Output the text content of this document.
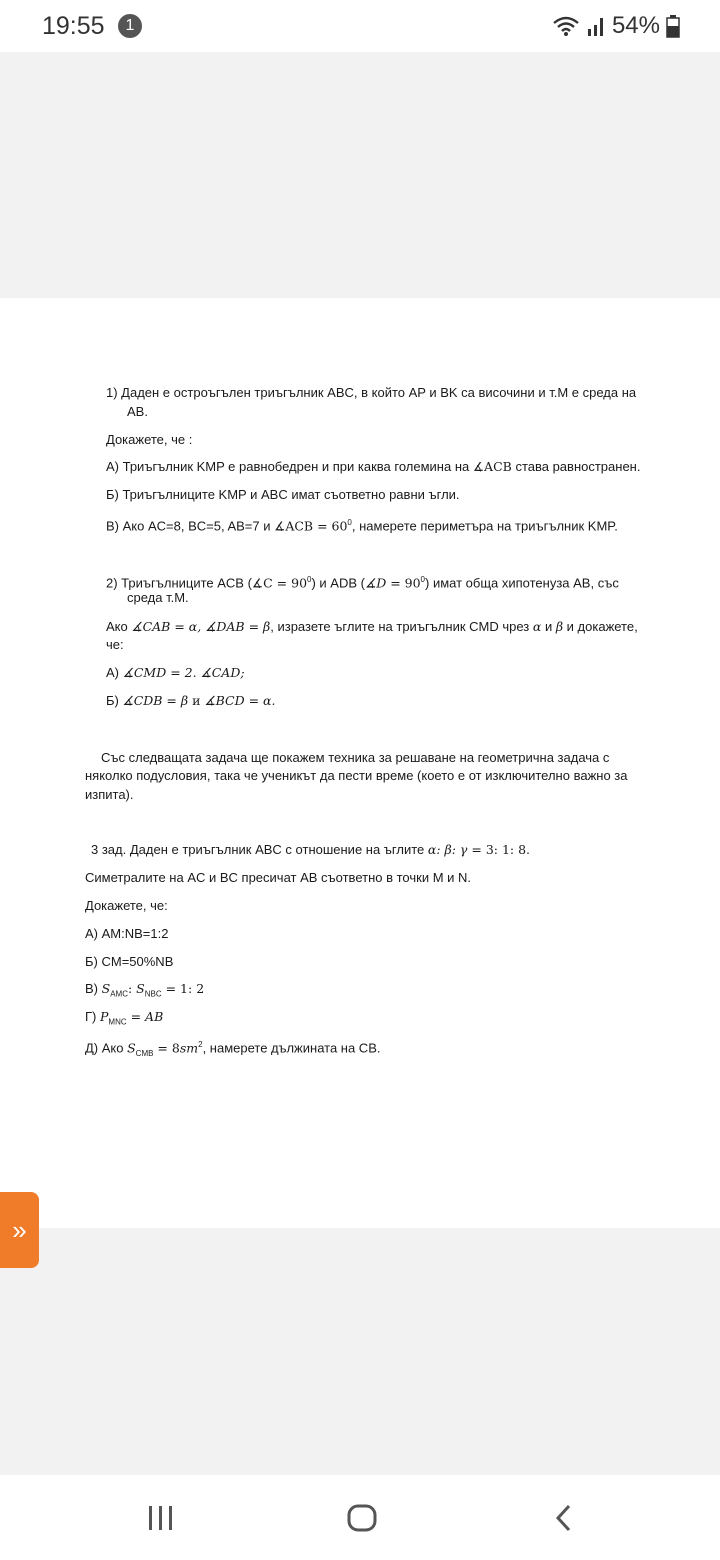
19:55	1	54%
1) Даден е остроъгълен триъгълник ABC, в който AP и BK са височини и т.M е среда на
AB.
Докажете, че :
А) Триъгълник KMP е равнобедрен и при каква големина на ∡ACB става равностранен.
Б) Триъгълниците KMP и ABC имат съответно равни ъгли.
В) Ако AC=8, BC=5, AB=7 и ∡ACB = $60^0$, намерете периметъра на триъгълник KMP.
2) Триъгълниците ACB (∡C = $90^0$) и ADB (∡D = $90^0$) имат обща хипотенуза AB, със
среда т.M.
Ако ∡CAB = α, ∡DAB = β, изразете ъглите на триъгълник CMD чрез α и β и докажете,
че:
А) ∡CMD = 2. ∡CAD;
Б) ∡CDB = β и ∡BCD = α.
Със следващата задача ще покажем техника за решаване на геометрична задача с
няколко подусловия, така че ученикът да пести време (което е от изключително важно за
изпита).
3 зад. Даден е триъгълник ABC с отношение на ъглите α: β: γ = 3: 1: 8.
Симетралите на AC и BC пресичат AB съответно в точки M и N.
Докажете, че:
А) AM:NB=1:2
Б) CM=50%NB
В) $S_{AMC}$: $S_{NBC} = 1$: 2
Г) $P_{MNC}$ = AB
Д) Ако $S_{CMB} = 8sm^2$, намерете дължината на CB.
»
